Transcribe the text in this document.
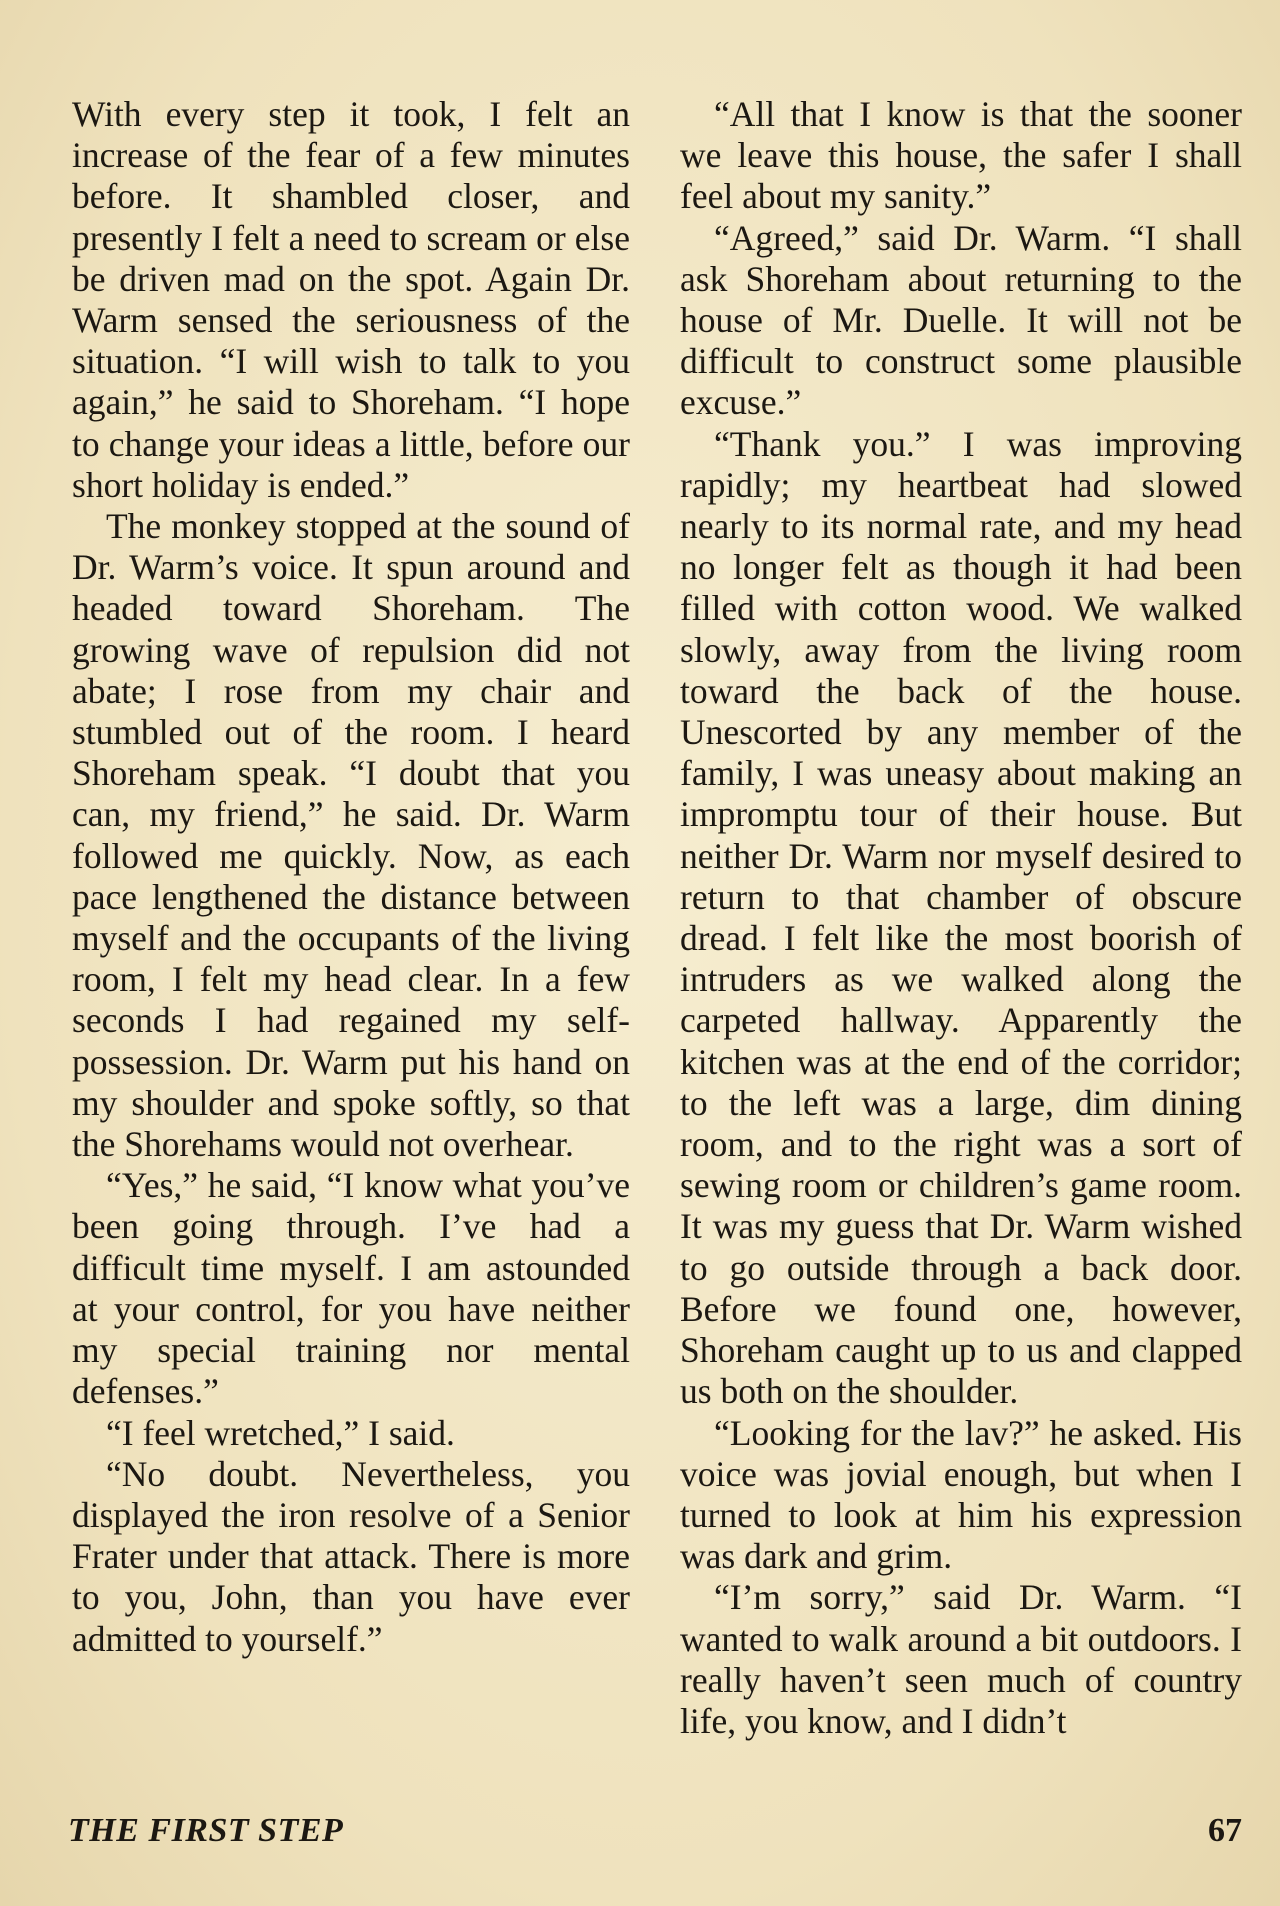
With every step it took, I felt an increase of the fear of a few minutes before. It shambled closer, and presently I felt a need to scream or else be driven mad on the spot. Again Dr. Warm sensed the seriousness of the situation. “I will wish to talk to you again,” he said to Shoreham. “I hope to change your ideas a little, before our short holiday is ended.”

The monkey stopped at the sound of Dr. Warm’s voice. It spun around and headed toward Shoreham. The growing wave of repulsion did not abate; I rose from my chair and stumbled out of the room. I heard Shoreham speak. “I doubt that you can, my friend,” he said. Dr. Warm followed me quickly. Now, as each pace lengthened the distance between myself and the occupants of the living room, I felt my head clear. In a few seconds I had regained my self-possession. Dr. Warm put his hand on my shoulder and spoke softly, so that the Shorehams would not overhear.

“Yes,” he said, “I know what you’ve been going through. I’ve had a difficult time myself. I am astounded at your control, for you have neither my special training nor mental defenses.”

“I feel wretched,” I said.

“No doubt. Nevertheless, you displayed the iron resolve of a Senior Frater under that attack. There is more to you, John, than you have ever admitted to yourself.”

“All that I know is that the sooner we leave this house, the safer I shall feel about my sanity.”

“Agreed,” said Dr. Warm. “I shall ask Shoreham about returning to the house of Mr. Duelle. It will not be difficult to construct some plausible excuse.”

“Thank you.” I was improving rapidly; my heartbeat had slowed nearly to its normal rate, and my head no longer felt as though it had been filled with cotton wood. We walked slowly, away from the living room toward the back of the house. Unescorted by any member of the family, I was uneasy about making an impromptu tour of their house. But neither Dr. Warm nor myself desired to return to that chamber of obscure dread. I felt like the most boorish of intruders as we walked along the carpeted hallway. Apparently the kitchen was at the end of the corridor; to the left was a large, dim dining room, and to the right was a sort of sewing room or children’s game room. It was my guess that Dr. Warm wished to go outside through a back door. Before we found one, however, Shoreham caught up to us and clapped us both on the shoulder.

“Looking for the lav?” he asked. His voice was jovial enough, but when I turned to look at him his expression was dark and grim.

“I’m sorry,” said Dr. Warm. “I wanted to walk around a bit outdoors. I really haven’t seen much of country life, you know, and I didn’t

THE FIRST STEP	67
